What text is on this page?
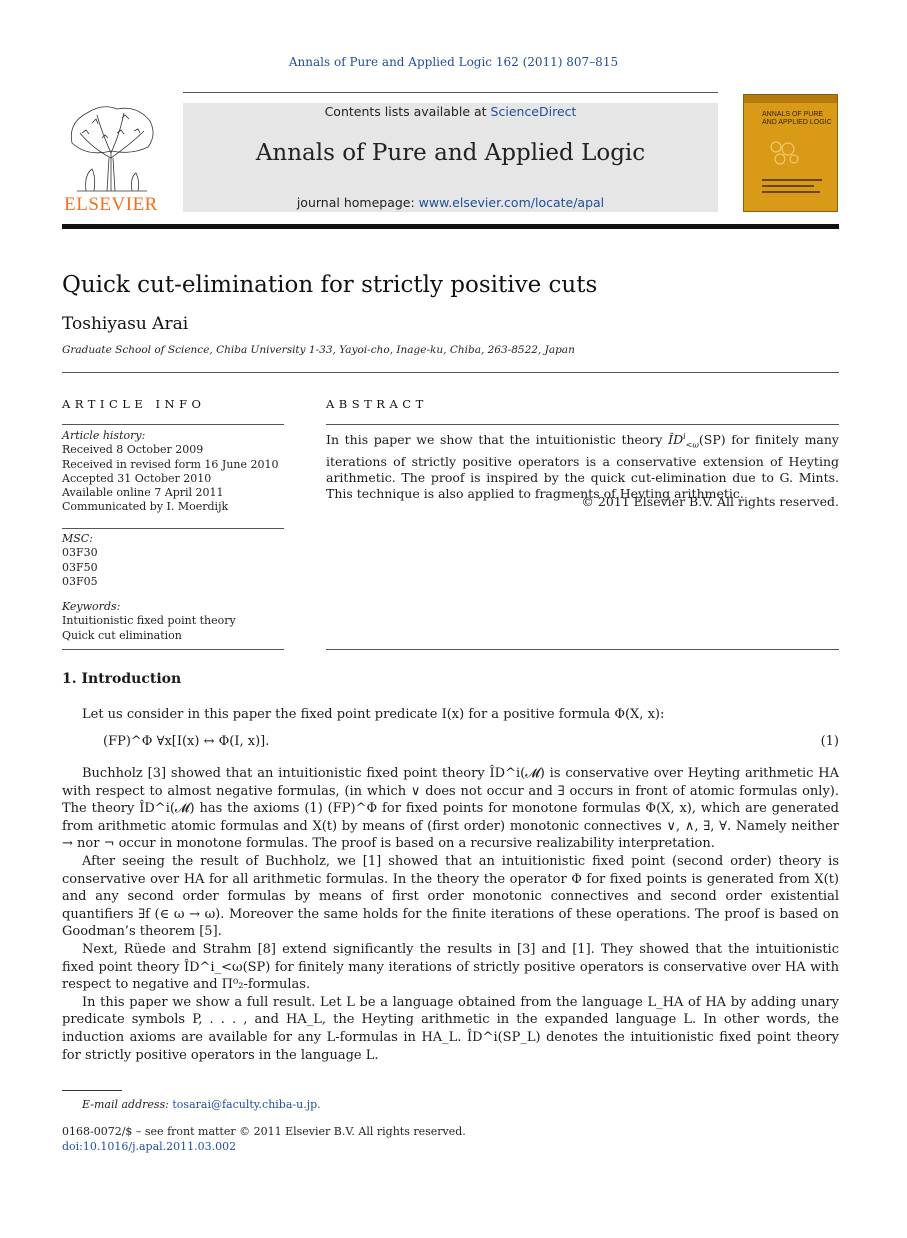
Annals of Pure and Applied Logic 162 (2011) 807–815
ELSEVIER
Contents lists available at ScienceDirect
Annals of Pure and Applied Logic
journal homepage: www.elsevier.com/locate/apal
ANNALS OF PURE AND APPLIED LOGIC
Quick cut-elimination for strictly positive cuts
Toshiyasu Arai
Graduate School of Science, Chiba University 1-33, Yayoi-cho, Inage-ku, Chiba, 263-8522, Japan
ARTICLE INFO
Article history:
Received 8 October 2009
Received in revised form 16 June 2010
Accepted 31 October 2010
Available online 7 April 2011
Communicated by I. Moerdijk
MSC:
03F30
03F50
03F05
Keywords:
Intuitionistic fixed point theory
Quick cut elimination
ABSTRACT
In this paper we show that the intuitionistic theory $ÎD^i_{<\omega}(SP)$ for finitely many iterations of strictly positive operators is a conservative extension of Heyting arithmetic. The proof is inspired by the quick cut-elimination due to G. Mints. This technique is also applied to fragments of Heyting arithmetic.
© 2011 Elsevier B.V. All rights reserved.
1. Introduction

Let us consider in this paper the fixed point predicate I(x) for a positive formula Φ(X, x):

(FP)^Φ ∀x[I(x) ↔ Φ(I, x)].	(1)

Buchholz [3] showed that an intuitionistic fixed point theory ÎD^i(𝓜) is conservative over Heyting arithmetic HA with respect to almost negative formulas, (in which ∨ does not occur and ∃ occurs in front of atomic formulas only). The theory ÎD^i(𝓜) has the axioms (1) (FP)^Φ for fixed points for monotone formulas Φ(X, x), which are generated from arithmetic atomic formulas and X(t) by means of (first order) monotonic connectives ∨, ∧, ∃, ∀. Namely neither → nor ¬ occur in monotone formulas. The proof is based on a recursive realizability interpretation.

After seeing the result of Buchholz, we [1] showed that an intuitionistic fixed point (second order) theory is conservative over HA for all arithmetic formulas. In the theory the operator Φ for fixed points is generated from X(t) and any second order formulas by means of first order monotonic connectives and second order existential quantifiers ∃f (∈ ω → ω). Moreover the same holds for the finite iterations of these operations. The proof is based on Goodman’s theorem [5].

Next, Rüede and Strahm [8] extend significantly the results in [3] and [1]. They showed that the intuitionistic fixed point theory ÎD^i_<ω(SP) for finitely many iterations of strictly positive operators is conservative over HA with respect to negative and Π⁰₂-formulas.

In this paper we show a full result. Let L be a language obtained from the language L_HA of HA by adding unary predicate symbols P, . . . , and HA_L, the Heyting arithmetic in the expanded language L. In other words, the induction axioms are available for any L-formulas in HA_L. ÎD^i(SP_L) denotes the intuitionistic fixed point theory for strictly positive operators in the language L.

E-mail address: tosarai@faculty.chiba-u.jp.
0168-0072/$ – see front matter © 2011 Elsevier B.V. All rights reserved.
doi:10.1016/j.apal.2011.03.002
